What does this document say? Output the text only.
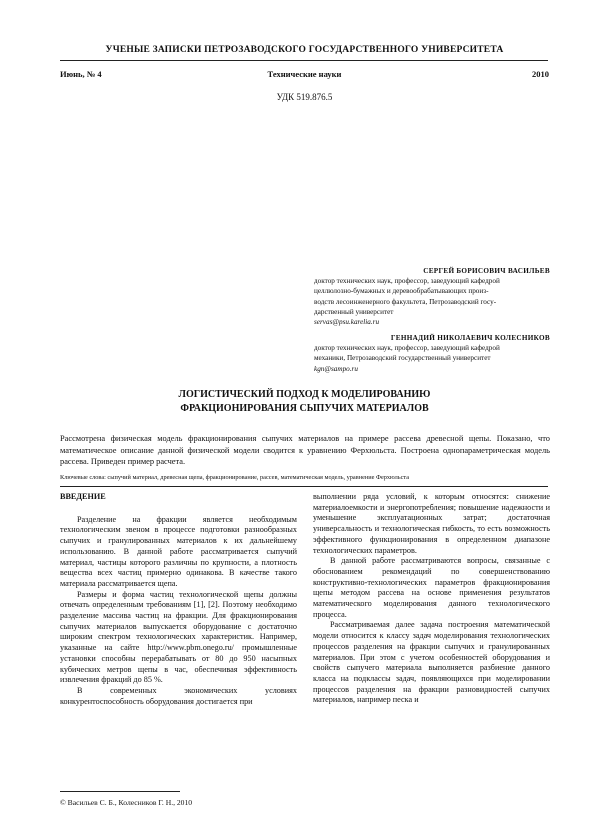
УЧЕНЫЕ ЗАПИСКИ ПЕТРОЗАВОДСКОГО ГОСУДАРСТВЕННОГО УНИВЕРСИТЕТА
Июнь, № 4	Технические науки	2010
УДК 519.876.5
СЕРГЕЙ БОРИСОВИЧ ВАСИЛЬЕВ
доктор технических наук, профессор, заведующий кафедрой
целлюлозно-бумажных и деревообрабатывающих произ-
водств лесоинженерного факультета, Петрозаводский госу-
дарственный университет
servas@psu.karelia.ru
ГЕННАДИЙ НИКОЛАЕВИЧ КОЛЕСНИКОВ
доктор технических наук, профессор, заведующий кафедрой
механики, Петрозаводский государственный университет
kgn@sampo.ru
ЛОГИСТИЧЕСКИЙ ПОДХОД К МОДЕЛИРОВАНИЮ
ФРАКЦИОНИРОВАНИЯ СЫПУЧИХ МАТЕРИАЛОВ
Рассмотрена физическая модель фракционирования сыпучих материалов на примере рассева древесной щепы. Показано, что математическое описание данной физической модели сводится к уравнению Ферхюльста. Построена однопараметрическая модель рассева. Приведен пример расчета.
Ключевые слова: сыпучий материал, древесная щепа, фракционирование, рассев, математическая модель, уравнение Ферхюльста
ВВЕДЕНИЕ

Разделение на фракции является необходимым технологическим звеном в процессе подготовки разнообразных сыпучих и гранулированных материалов к их дальнейшему использованию. В данной работе рассматривается сыпучий материал, частицы которого различны по крупности, а плотность вещества всех частиц примерно одинакова. В качестве такого материала рассматривается щепа.

Размеры и форма частиц технологической щепы должны отвечать определенным требованиям [1], [2]. Поэтому необходимо разделение массива частиц на фракции. Для фракционирования сыпучих материалов выпускается оборудование с достаточно широким спектром технологических характеристик. Например, указанные на сайте http://www.pbm.onego.ru/ промышленные установки способны перерабатывать от 80 до 950 насыпных кубических метров щепы в час, обеспечивая эффективность извлечения фракций до 85 %.

В современных экономических условиях конкурентоспособность оборудования достигается при

выполнении ряда условий, к которым относятся: снижение материалоемкости и энергопотребления; повышение надежности и уменьшение эксплуатационных затрат; достаточная универсальность и технологическая гибкость, то есть возможность эффективного функционирования в определенном диапазоне технологических параметров.

В данной работе рассматриваются вопросы, связанные с обоснованием рекомендаций по совершенствованию конструктивно-технологических параметров фракционирования щепы методом рассева на основе применения результатов математического моделирования данного технологического процесса.

Рассматриваемая далее задача построения математической модели относится к классу задач моделирования технологических процессов разделения на фракции сыпучих и гранулированных материалов. При этом с учетом особенностей оборудования и свойств сыпучего материала выполняется разбиение данного класса на подклассы задач, появляющихся при моделировании процессов разделения на фракции разновидностей сыпучих материалов, например песка и

© Васильев С. Б., Колесников Г. Н., 2010
